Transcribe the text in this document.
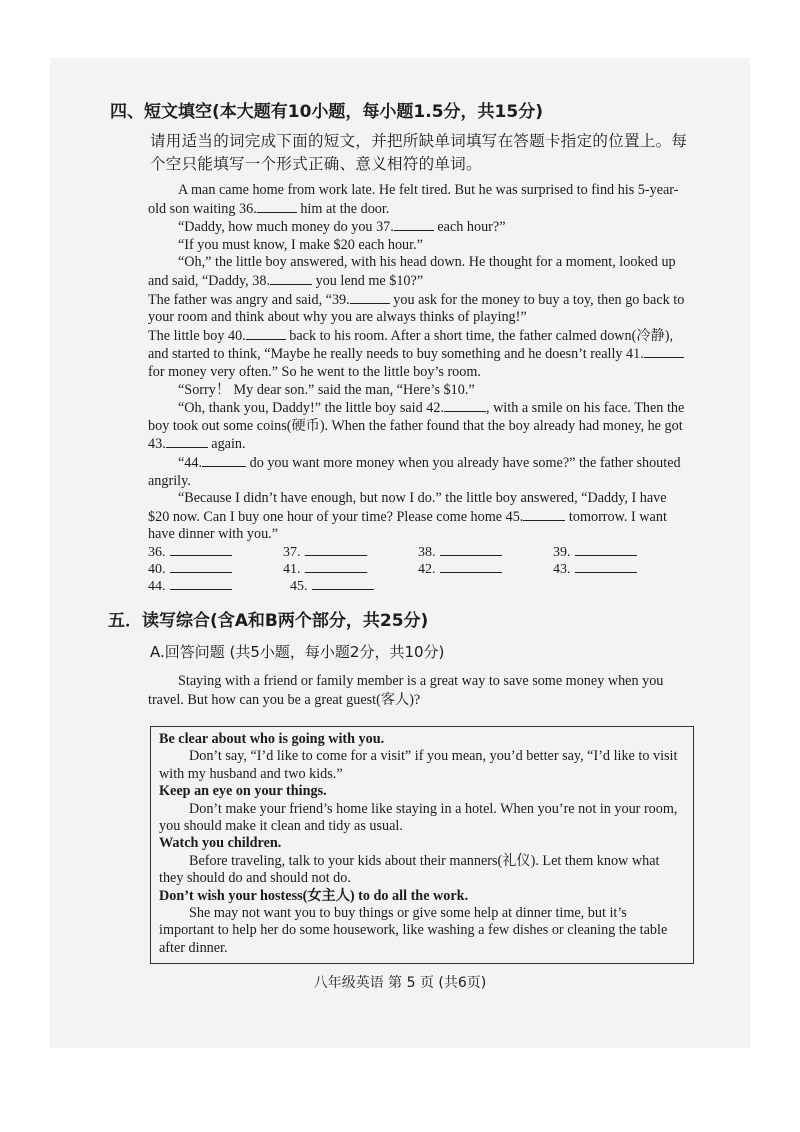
四、短文填空(本大题有10小题，每小题1.5分，共15分)
请用适当的词完成下面的短文，并把所缺单词填写在答题卡指定的位置上。每个空只能填写一个形式正确、意义相符的单词。

A man came home from work late. He felt tired. But he was surprised to find his 5-year-old son waiting 36.	him at the door.

“Daddy, how much money do you 37.	each hour?”

“If you must know, I make $20 each hour.”

“Oh,” the little boy answered, with his head down. He thought for a moment, looked up and said, “Daddy, 38.	you lend me $10?”

The father was angry and said, “39.	you ask for the money to buy a toy, then go back to your room and think about why you are always thinks of playing!”

The little boy 40.	back to his room. After a short time, the father calmed down(冷静), and started to think, “Maybe he really needs to buy something and he doesn’t really 41. for money very often.” So he went to the little boy’s room.

“Sorry！ My dear son.” said the man, “Here’s $10.”

“Oh, thank you, Daddy!” the little boy said 42.	, with a smile on his face. Then the boy took out some coins(硬币). When the father found that the boy already had money, he got 43.	again.

“44.	do you want more money when you already have some?” the father shouted angrily.

“Because I didn’t have enough, but now I do.” the little boy answered, “Daddy, I have $20 now. Can I buy one hour of your time? Please come home 45.	tomorrow. I want have dinner with you.”

36.	37.	38.	39.
40.	41.	42.	43.
44.	45.
五．读写综合(含A和B两个部分，共25分)
A.回答问题 (共5小题，每小题2分，共10分)

Staying with a friend or family member is a great way to save some money when you travel. But how can you be a great guest(客人)?

Be clear about who is going with you.

Don’t say, “I’d like to come for a visit” if you mean, you’d better say, “I’d like to visit with my husband and two kids.”

Keep an eye on your things.

Don’t make your friend’s home like staying in a hotel. When you’re not in your room, you should make it clean and tidy as usual.

Watch you children.

Before traveling, talk to your kids about their manners(礼仪). Let them know what they should do and should not do.

Don’t wish your hostess(女主人) to do all the work.

She may not want you to buy things or give some help at dinner time, but it’s important to help her do some housework, like washing a few dishes or cleaning the table after dinner.

八年级英语 第 5 页 (共6页)
